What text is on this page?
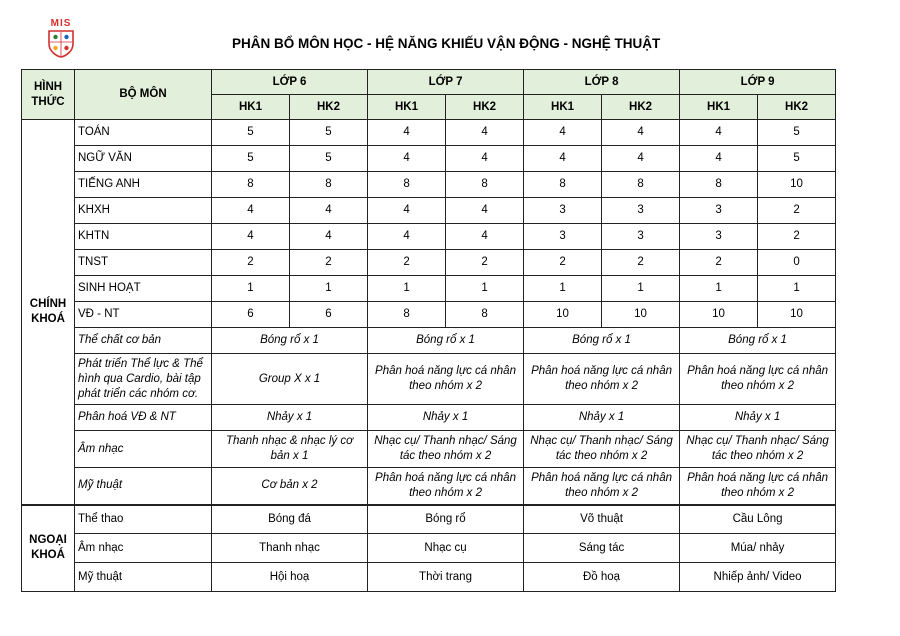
MIS
PHÂN BỔ MÔN HỌC - HỆ NĂNG KHIẾU VẬN ĐỘNG - NGHỆ THUẬT
HÌNH THỨC	BỘ MÔN	LỚP 6		LỚP 7		LỚP 8		LỚP 9	
		HK1	HK2	HK1	HK2	HK1	HK2	HK1	HK2
CHÍNH KHOÁ	TOÁN	5	5	4	4	4	4	4	5
	NGỮ VĂN	5	5	4	4	4	4	4	5
	TIẾNG ANH	8	8	8	8	8	8	8	10
	KHXH	4	4	4	4	3	3	3	2
	KHTN	4	4	4	4	3	3	3	2
	TNST	2	2	2	2	2	2	2	0
	SINH HOẠT	1	1	1	1	1	1	1	1
	VĐ - NT	6	6	8	8	10	10	10	10
	Thể chất cơ bản	Bóng rổ x 1		Bóng rổ x 1		Bóng rổ x 1		Bóng rổ x 1	
	Phát triển Thể lực & Thể hình qua Cardio, bài tập phát triển các nhóm cơ.	Group X x 1		Phân hoá năng lực cá nhân theo nhóm x 2		Phân hoá năng lực cá nhân theo nhóm x 2		Phân hoá năng lực cá nhân theo nhóm x 2	
	Phân hoá VĐ & NT	Nhảy x 1		Nhảy x 1		Nhảy x 1		Nhảy x 1	
	Âm nhạc	Thanh nhạc & nhạc lý cơ bản x 1		Nhạc cụ/ Thanh nhạc/ Sáng tác theo nhóm x 2		Nhạc cụ/ Thanh nhạc/ Sáng tác theo nhóm x 2		Nhạc cụ/ Thanh nhạc/ Sáng tác theo nhóm x 2	
	Mỹ thuật	Cơ bản x 2		Phân hoá năng lực cá nhân theo nhóm x 2		Phân hoá năng lực cá nhân theo nhóm x 2		Phân hoá năng lực cá nhân theo nhóm x 2	
NGOẠI KHOÁ	Thể thao	Bóng đá		Bóng rổ		Võ thuật		Cầu Lông	
	Âm nhạc	Thanh nhạc		Nhạc cụ		Sáng tác		Múa/ nhảy	
	Mỹ thuật	Hội hoạ		Thời trang		Đồ hoạ		Nhiếp ảnh/ Video	
